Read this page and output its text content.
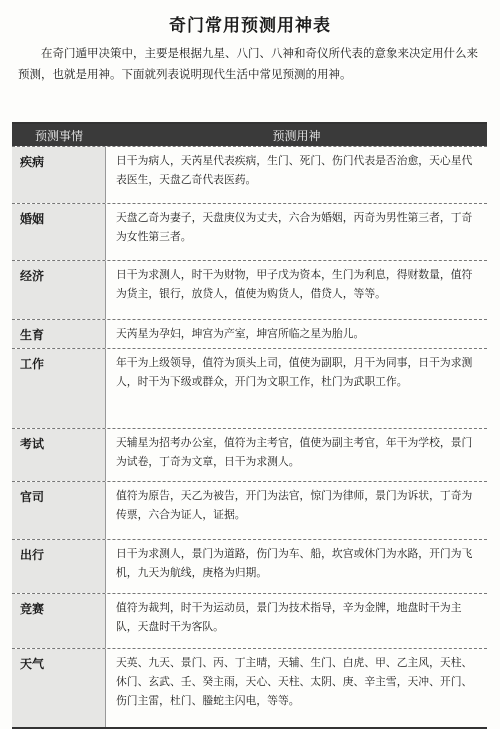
奇门常用预测用神表
在奇门遁甲决策中，主要是根据九星、八门、八神和奇仪所代表的意象来决定用什么来预测，也就是用神。下面就列表说明现代生活中常见预测的用神。
预测事情	预测用神
疾病	日干为病人，天芮星代表疾病，生门、死门、伤门代表是否治愈，天心星代表医生，天盘乙奇代表医药。
婚姻	天盘乙奇为妻子，天盘庚仪为丈夫，六合为婚姻，丙奇为男性第三者，丁奇为女性第三者。
经济	日干为求测人，时干为财物，甲子戊为资本，生门为利息，得财数量，值符为货主，银行，放贷人，值使为购货人，借贷人，等等。
生育	天芮星为孕妇，坤宫为产室，坤宫所临之星为胎儿。
工作	年干为上级领导，值符为顶头上司，值使为副职，月干为同事，日干为求测人，时干为下级或群众，开门为文职工作，杜门为武职工作。
考试	天辅星为招考办公室，值符为主考官，值使为副主考官，年干为学校，景门为试卷，丁奇为文章，日干为求测人。
官司	值符为原告，天乙为被告，开门为法官，惊门为律师，景门为诉状，丁奇为传票，六合为证人，证据。
出行	日干为求测人，景门为道路，伤门为车、船，坎宫或休门为水路，开门为飞机，九天为航线，庚格为归期。
竞赛	值符为裁判，时干为运动员，景门为技术指导，辛为金牌，地盘时干为主队，天盘时干为客队。
天气	天英、九天、景门、丙、丁主晴，天辅、生门、白虎、甲、乙主风，天柱、休门、玄武、壬、癸主雨，天心、天柱、太阴、庚、辛主雪，天冲、开门、伤门主雷，杜门、螣蛇主闪电，等等。
